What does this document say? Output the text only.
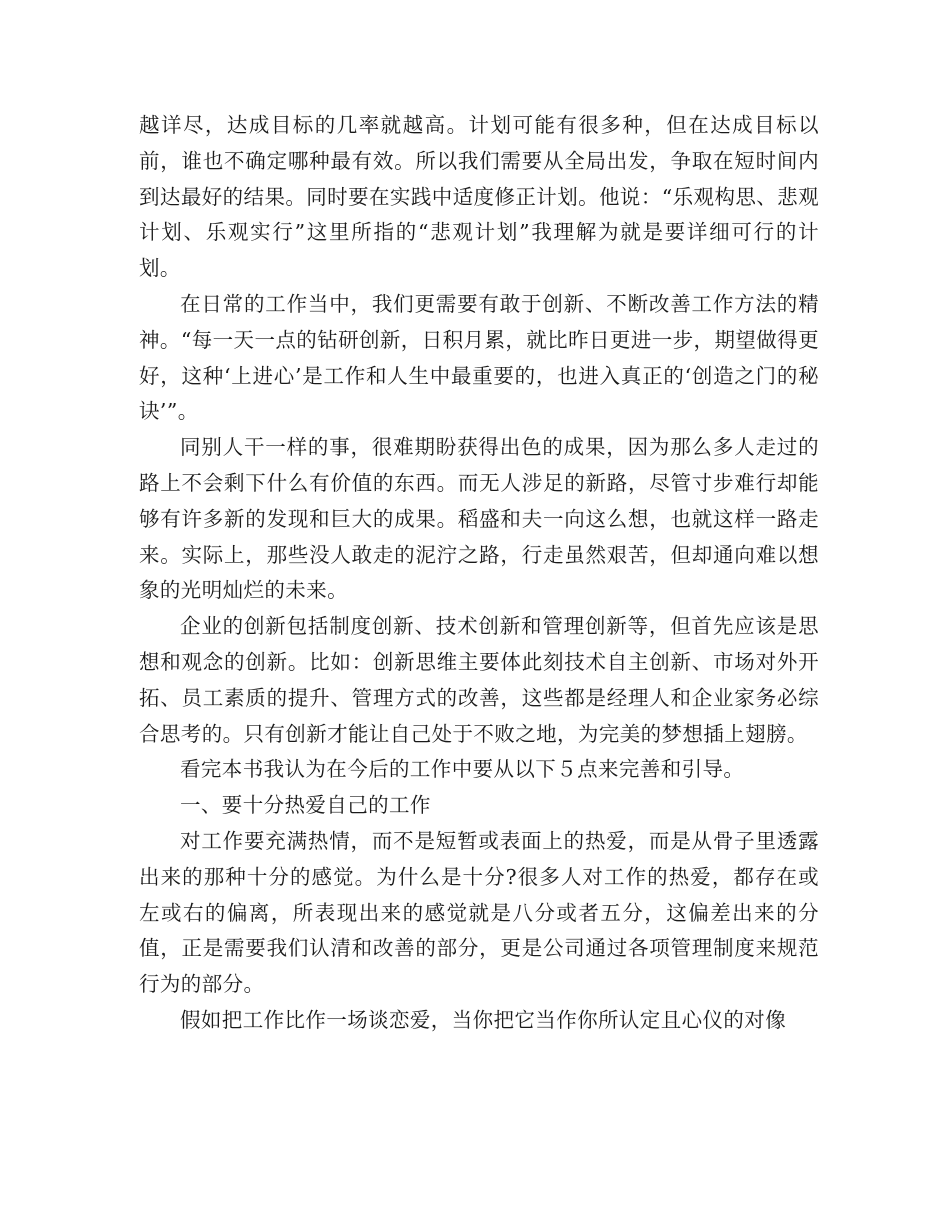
越详尽，达成目标的几率就越高。计划可能有很多种，但在达成目标以前，谁也不确定哪种最有效。所以我们需要从全局出发，争取在短时间内到达最好的结果。同时要在实践中适度修正计划。他说：“乐观构思、悲观计划、乐观实行”这里所指的“悲观计划”我理解为就是要详细可行的计划。

在日常的工作当中，我们更需要有敢于创新、不断改善工作方法的精神。“每一天一点的钻研创新，日积月累，就比昨日更进一步，期望做得更好，这种‘上进心’是工作和人生中最重要的，也进入真正的‘创造之门的秘诀’”。

同别人干一样的事，很难期盼获得出色的成果，因为那么多人走过的路上不会剩下什么有价值的东西。而无人涉足的新路，尽管寸步难行却能够有许多新的发现和巨大的成果。稻盛和夫一向这么想，也就这样一路走来。实际上，那些没人敢走的泥泞之路，行走虽然艰苦，但却通向难以想象的光明灿烂的未来。

企业的创新包括制度创新、技术创新和管理创新等，但首先应该是思想和观念的创新。比如：创新思维主要体此刻技术自主创新、市场对外开拓、员工素质的提升、管理方式的改善，这些都是经理人和企业家务必综合思考的。只有创新才能让自己处于不败之地，为完美的梦想插上翅膀。

看完本书我认为在今后的工作中要从以下５点来完善和引导。

一、要十分热爱自己的工作

对工作要充满热情，而不是短暂或表面上的热爱，而是从骨子里透露出来的那种十分的感觉。为什么是十分?很多人对工作的热爱，都存在或左或右的偏离，所表现出来的感觉就是八分或者五分，这偏差出来的分值，正是需要我们认清和改善的部分，更是公司通过各项管理制度来规范行为的部分。

假如把工作比作一场谈恋爱，当你把它当作你所认定且心仪的对像
